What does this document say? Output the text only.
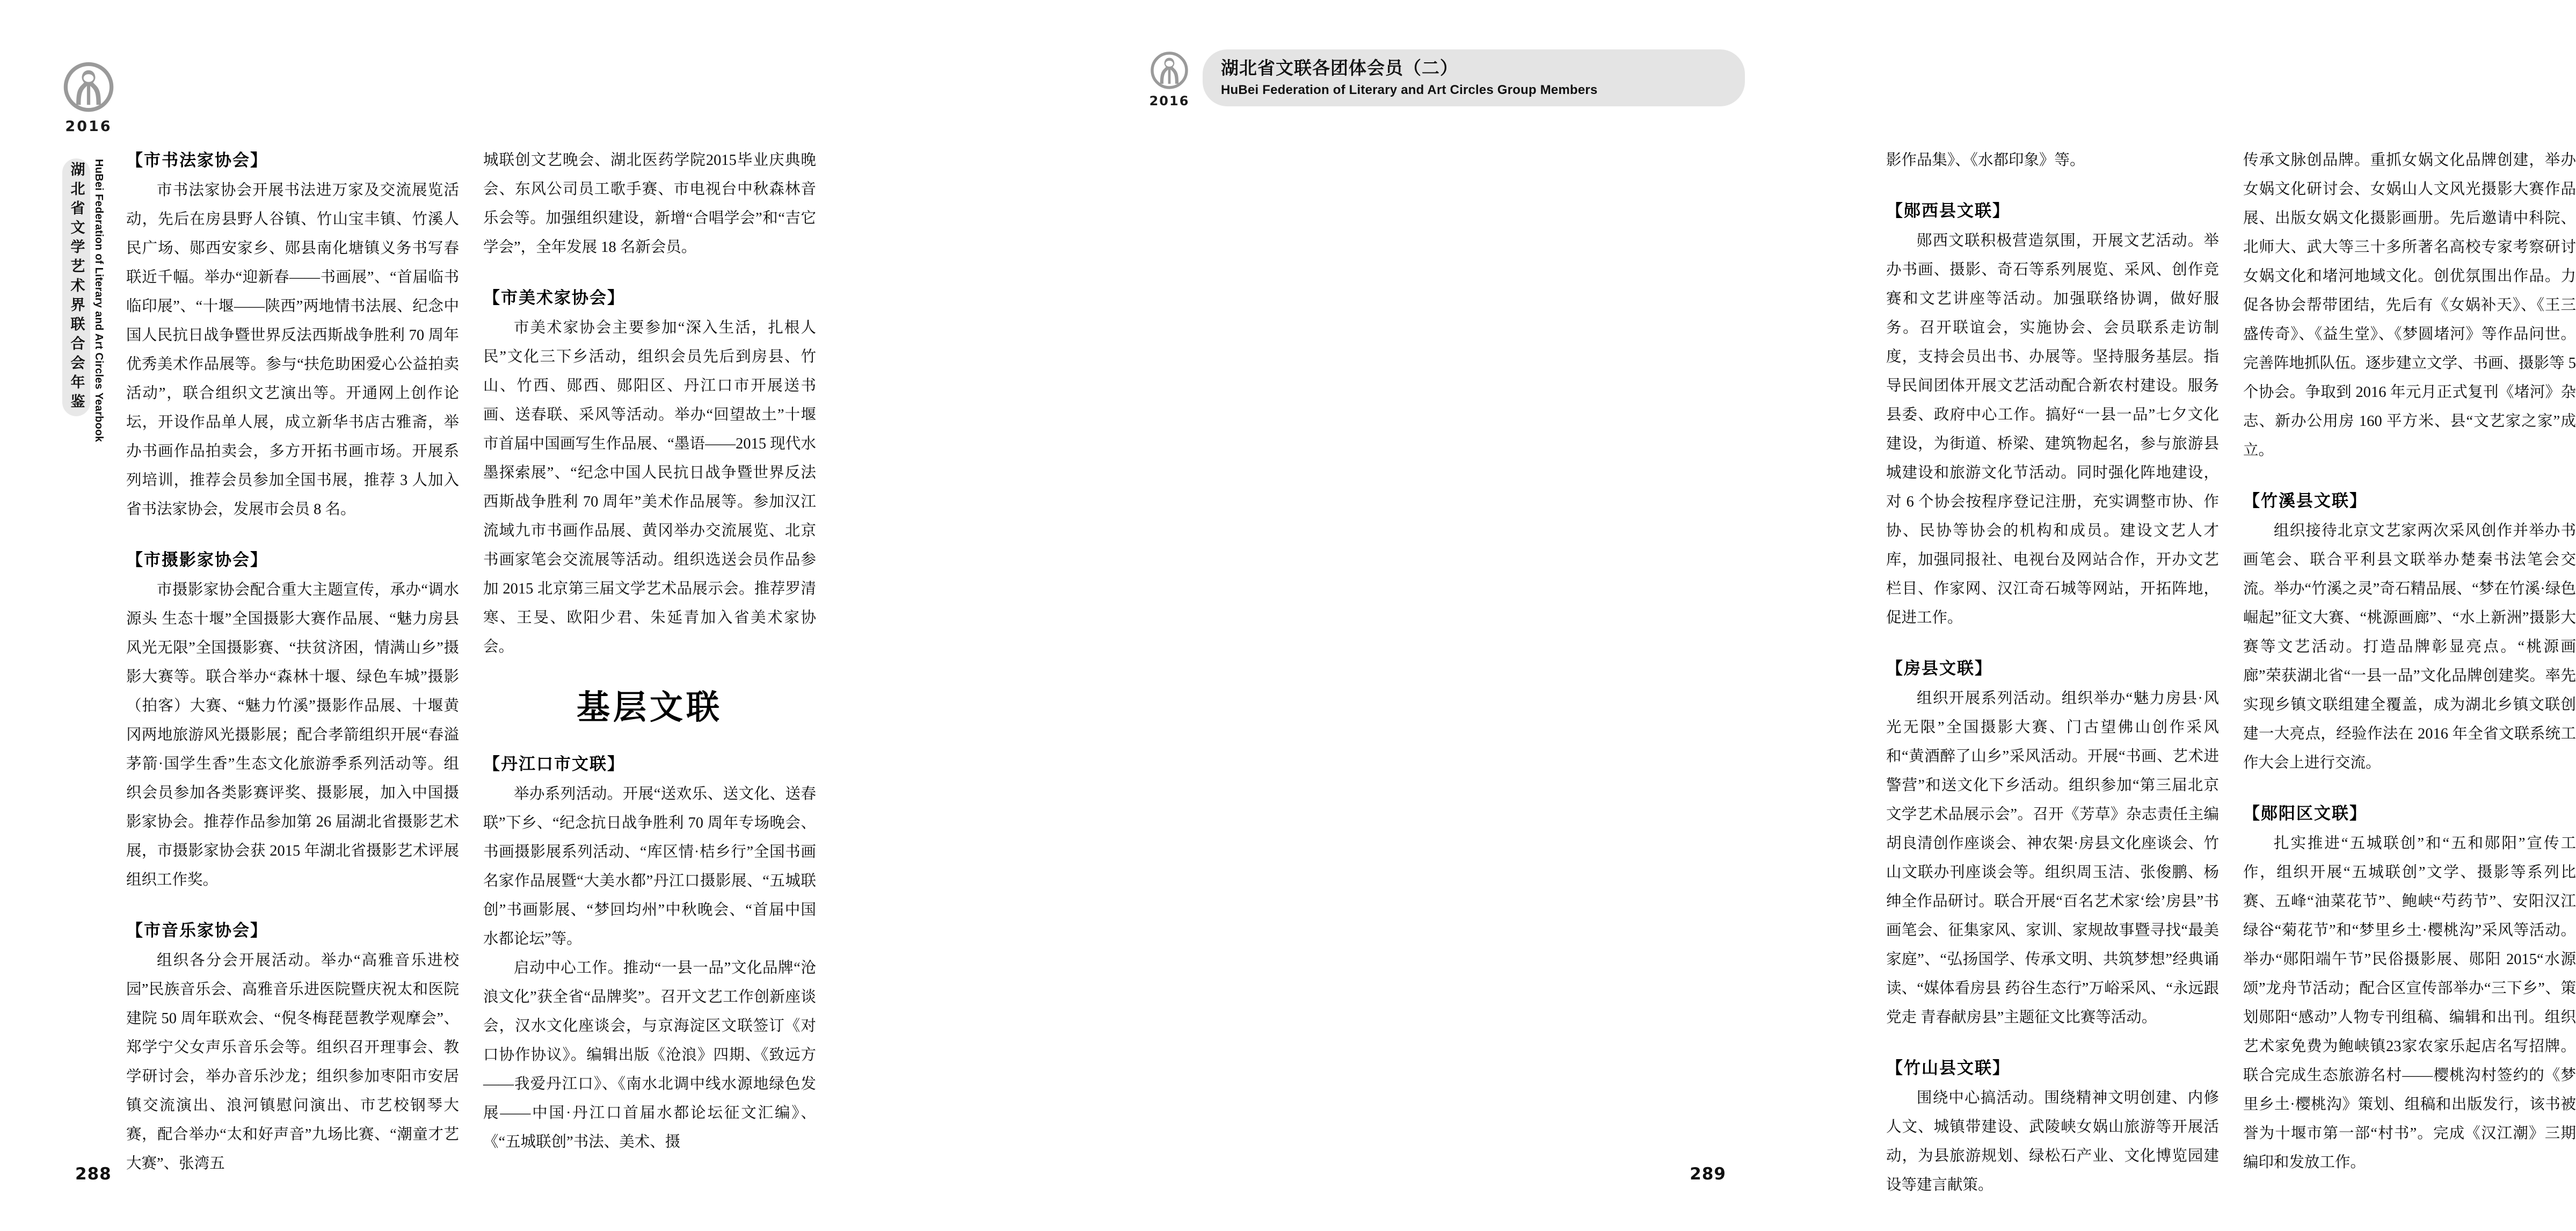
2016
湖北省文学艺术界联合会年鉴 HuBei Federation of Literary and Art Circles Yearbook 【市书法家协会】

市书法家协会开展书法进万家及交流展览活动，先后在房县野人谷镇、竹山宝丰镇、竹溪人民广场、郧西安家乡、郧县南化塘镇义务书写春联近千幅。举办“迎新春——书画展”、“首届临书临印展”、“十堰——陕西”两地情书法展、纪念中国人民抗日战争暨世界反法西斯战争胜利 70 周年优秀美术作品展等。参与“扶危助困爱心公益拍卖活动”，联合组织文艺演出等。开通网上创作论坛，开设作品单人展，成立新华书店古雅斋，举办书画作品拍卖会，多方开拓书画市场。开展系列培训，推荐会员参加全国书展，推荐 3 人加入省书法家协会，发展市会员 8 名。

【市摄影家协会】

市摄影家协会配合重大主题宣传，承办“调水源头 生态十堰”全国摄影大赛作品展、“魅力房县风光无限”全国摄影赛、“扶贫济困，情满山乡”摄影大赛等。联合举办“森林十堰、绿色车城”摄影（拍客）大赛、“魅力竹溪”摄影作品展、十堰黄冈两地旅游风光摄影展；配合孝箭组织开展“春溢茅箭·国学生香”生态文化旅游季系列活动等。组织会员参加各类影赛评奖、摄影展，加入中国摄影家协会。推荐作品参加第 26 届湖北省摄影艺术展，市摄影家协会获 2015 年湖北省摄影艺术评展组织工作奖。

【市音乐家协会】

组织各分会开展活动。举办“高雅音乐进校园”民族音乐会、高雅音乐进医院暨庆祝太和医院建院 50 周年联欢会、“倪冬梅琵琶教学观摩会”、郑学宁父女声乐音乐会等。组织召开理事会、教学研讨会，举办音乐沙龙；组织参加枣阳市安居镇交流演出、浪河镇慰问演出、市艺校钢琴大赛，配合举办“太和好声音”九场比赛、“潮童才艺大赛”、张湾五

城联创文艺晚会、湖北医药学院2015毕业庆典晚会、东风公司员工歌手赛、市电视台中秋森林音乐会等。加强组织建设，新增“合唱学会”和“吉它学会”，全年发展 18 名新会员。

【市美术家协会】

市美术家协会主要参加“深入生活，扎根人民”文化三下乡活动，组织会员先后到房县、竹山、竹西、郧西、郧阳区、丹江口市开展送书画、送春联、采风等活动。举办“回望故土”十堰市首届中国画写生作品展、“墨语——2015 现代水墨探索展”、“纪念中国人民抗日战争暨世界反法西斯战争胜利 70 周年”美术作品展等。参加汉江流域九市书画作品展、黄冈举办交流展览、北京书画家笔会交流展等活动。组织选送会员作品参加 2015 北京第三届文学艺术品展示会。推荐罗清寒、王旻、欧阳少君、朱延青加入省美术家协会。

基层文联
【丹江口市文联】

举办系列活动。开展“送欢乐、送文化、送春联”下乡、“纪念抗日战争胜利 70 周年专场晚会、书画摄影展系列活动、“库区情·桔乡行”全国书画名家作品展暨“大美水都”丹江口摄影展、“五城联创”书画影展、“梦回均州”中秋晚会、“首届中国水都论坛”等。

启动中心工作。推动“一县一品”文化品牌“沧浪文化”获全省“品牌奖”。召开文艺工作创新座谈会，汉水文化座谈会，与京海淀区文联签订《对口协作协议》。编辑出版《沧浪》四期、《致远方——我爱丹江口》、《南水北调中线水源地绿色发展——中国·丹江口首届水都论坛征文汇编》、《“五城联创”书法、美术、摄

288
2016
湖北省文联各团体会员（二）
HuBei Federation of Literary and Art Circles Group Members

影作品集》、《水都印象》等。

【郧西县文联】

郧西文联积极营造氛围，开展文艺活动。举办书画、摄影、奇石等系列展览、采风、创作竞赛和文艺讲座等活动。加强联络协调，做好服务。召开联谊会，实施协会、会员联系走访制度，支持会员出书、办展等。坚持服务基层。指导民间团体开展文艺活动配合新农村建设。服务县委、政府中心工作。搞好“一县一品”七夕文化建设，为街道、桥梁、建筑物起名，参与旅游县城建设和旅游文化节活动。同时强化阵地建设，对 6 个协会按程序登记注册，充实调整市协、作协、民协等协会的机构和成员。建设文艺人才库，加强同报社、电视台及网站合作，开办文艺栏目、作家网、汉江奇石城等网站，开拓阵地，促进工作。

【房县文联】

组织开展系列活动。组织举办“魅力房县·风光无限”全国摄影大赛、门古望佛山创作采风和“黄酒醉了山乡”采风活动。开展“书画、艺术进警营”和送文化下乡活动。组织参加“第三届北京文学艺术品展示会”。召开《芳草》杂志责任主编胡良清创作座谈会、神农架·房县文化座谈会、竹山文联办刊座谈会等。组织周玉洁、张俊鹏、杨绅全作品研讨。联合开展“百名艺术家‘绘’房县”书画笔会、征集家风、家训、家规故事暨寻找“最美家庭”、“弘扬国学、传承文明、共筑梦想”经典诵读、“媒体看房县 药谷生态行”万峪采风、“永远跟党走 青春献房县”主题征文比赛等活动。

【竹山县文联】

围绕中心搞活动。围绕精神文明创建、内修人文、城镇带建设、武陵峡女娲山旅游等开展活动，为县旅游规划、绿松石产业、文化博览园建设等建言献策。

传承文脉创品牌。重抓女娲文化品牌创建，举办女娲文化研讨会、女娲山人文风光摄影大赛作品展、出版女娲文化摄影画册。先后邀请中科院、北师大、武大等三十多所著名高校专家考察研讨女娲文化和堵河地域文化。创优氛围出作品。力促各协会帮带团结，先后有《女娲补天》、《王三盛传奇》、《益生堂》、《梦圆堵河》等作品问世。完善阵地抓队伍。逐步建立文学、书画、摄影等 5 个协会。争取到 2016 年元月正式复刊《堵河》杂志、新办公用房 160 平方米、县“文艺家之家”成立。

【竹溪县文联】

组织接待北京文艺家两次采风创作并举办书画笔会、联合平利县文联举办楚秦书法笔会交流。举办“竹溪之灵”奇石精品展、“梦在竹溪·绿色崛起”征文大赛、“桃源画廊”、“水上新洲”摄影大赛等文艺活动。打造品牌彰显亮点。“桃源画廊”荣获湖北省“一县一品”文化品牌创建奖。率先实现乡镇文联组建全覆盖，成为湖北乡镇文联创建一大亮点，经验作法在 2016 年全省文联系统工作大会上进行交流。

【郧阳区文联】

扎实推进“五城联创”和“五和郧阳”宣传工作，组织开展“五城联创”文学、摄影等系列比赛、五峰“油菜花节”、鲍峡“芍药节”、安阳汉江绿谷“菊花节”和“梦里乡土·樱桃沟”采风等活动。举办“郧阳端午节”民俗摄影展、郧阳 2015“水源颂”龙舟节活动；配合区宣传部举办“三下乡”、策划郧阳“感动”人物专刊组稿、编辑和出刊。组织艺术家免费为鲍峡镇23家农家乐起店名写招牌。联合完成生态旅游名村——樱桃沟村签约的《梦里乡土·樱桃沟》策划、组稿和出版发行，该书被誉为十堰市第一部“村书”。完成《汉江潮》三期编印和发放工作。

289
